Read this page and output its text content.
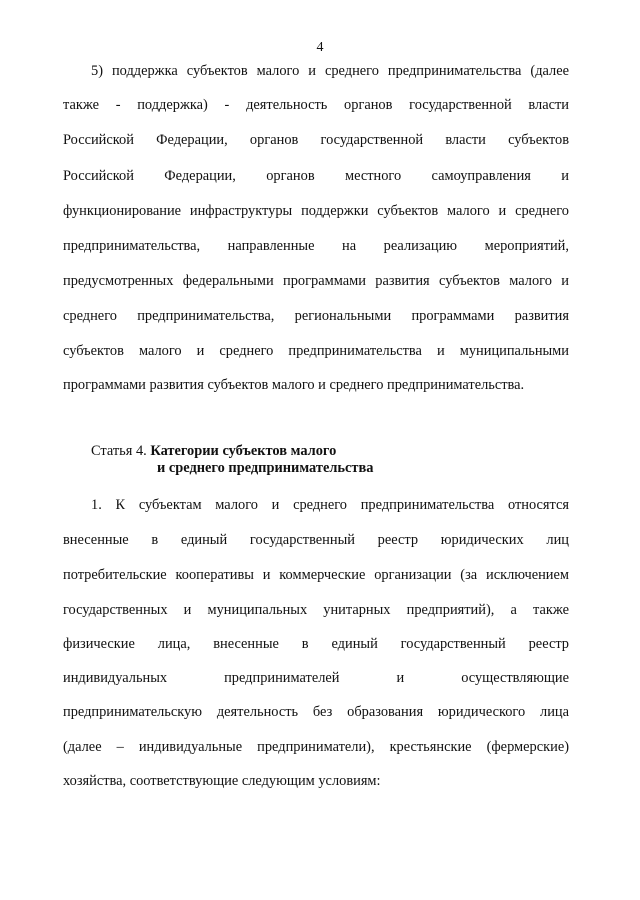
4
5) поддержка субъектов малого и среднего предпринимательства (далее
также - поддержка) - деятельность органов государственной власти
Российской Федерации, органов государственной власти субъектов
Российской Федерации, органов местного самоуправления и
функционирование инфраструктуры поддержки субъектов малого и среднего
предпринимательства, направленные на реализацию мероприятий,
предусмотренных федеральными программами развития субъектов малого и
среднего предпринимательства, региональными программами развития
субъектов малого и среднего предпринимательства и муниципальными
программами развития субъектов малого и среднего предпринимательства.
Статья 4. Категории субъектов малого
и среднего предпринимательства
1. К субъектам малого и среднего предпринимательства относятся
внесенные в единый государственный реестр юридических лиц
потребительские кооперативы и коммерческие организации (за исключением
государственных и муниципальных унитарных предприятий), а также
физические лица, внесенные в единый государственный реестр
индивидуальных предпринимателей и осуществляющие
предпринимательскую деятельность без образования юридического лица
(далее – индивидуальные предприниматели), крестьянские (фермерские)
хозяйства, соответствующие следующим условиям:
